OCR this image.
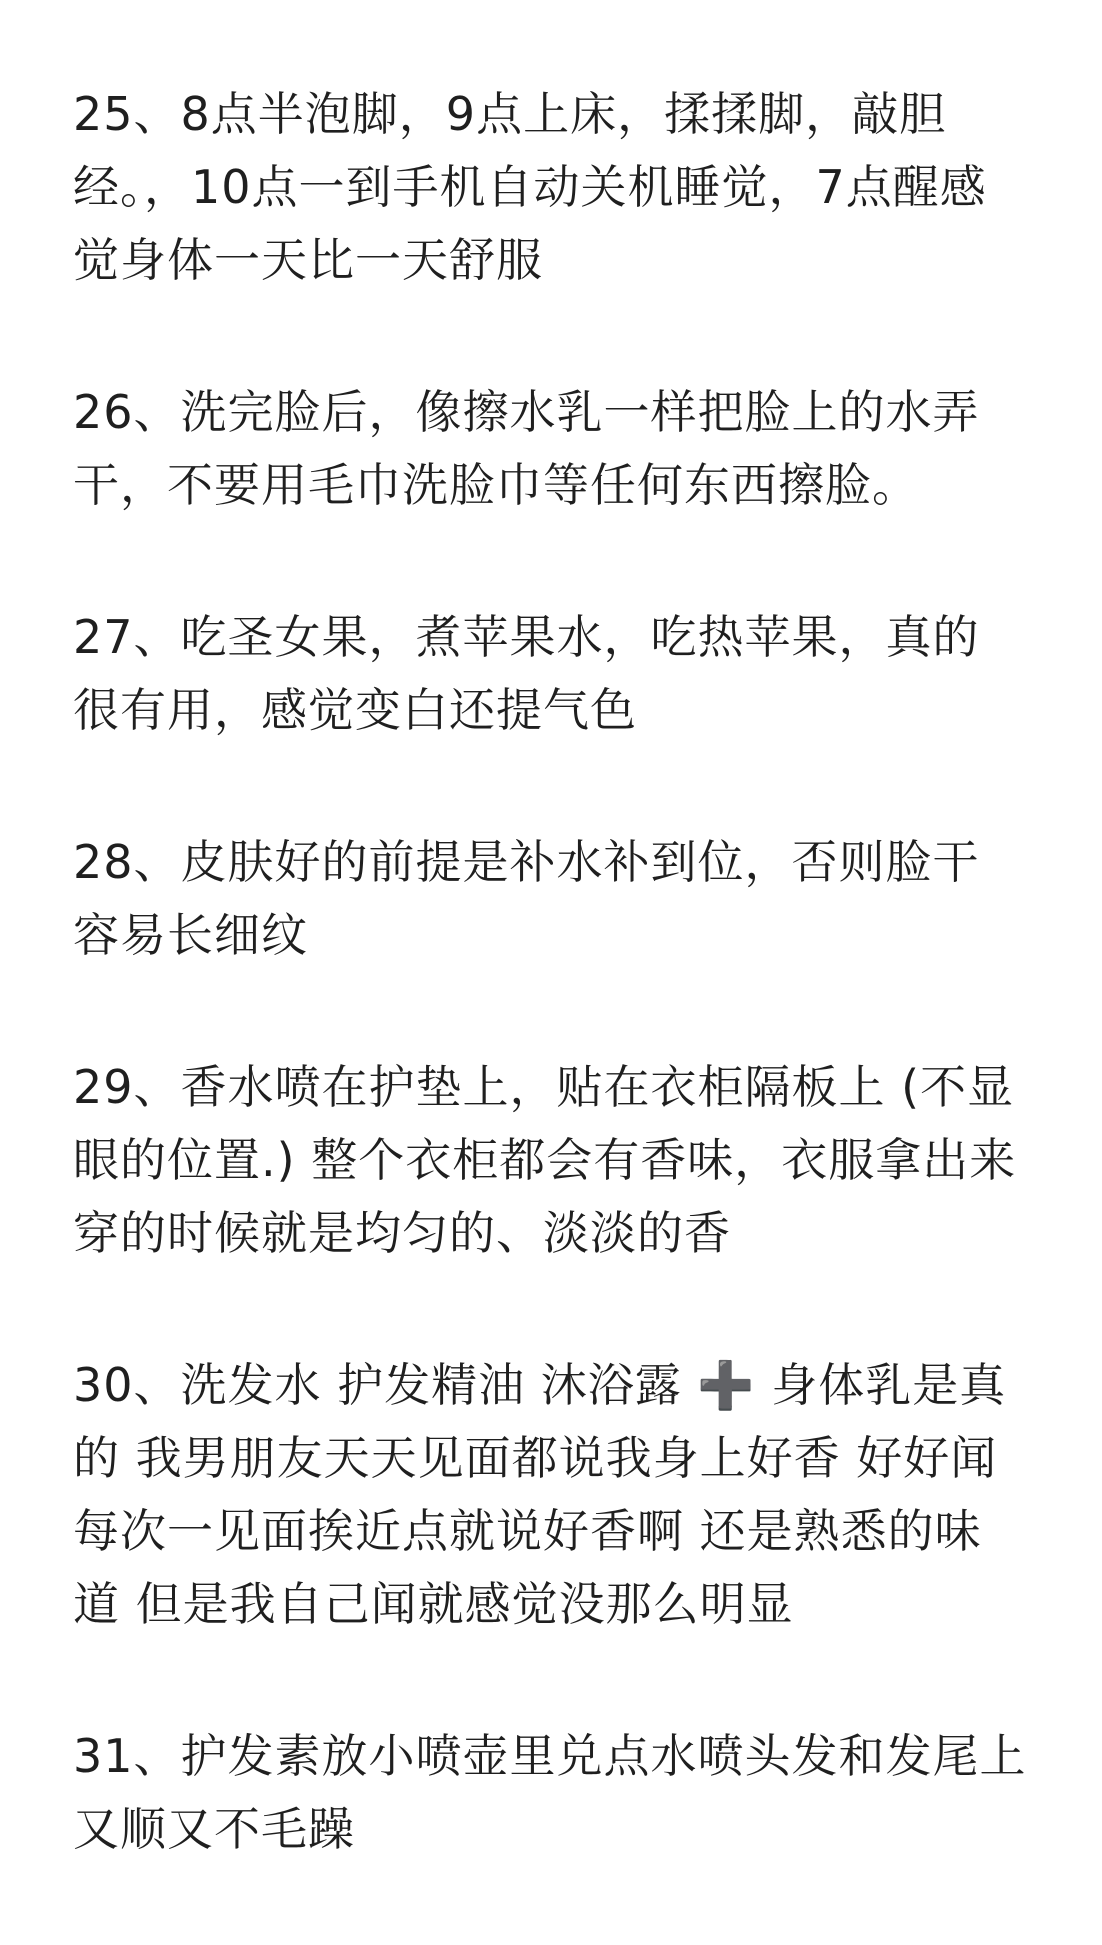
25、8点半泡脚，9点上床，揉揉脚，敲胆

经。，10点一到手机自动关机睡觉，7点醒感

觉身体一天比一天舒服

26、洗完脸后，像擦水乳一样把脸上的水弄

干，不要用毛巾洗脸巾等任何东西擦脸。

27、吃圣女果，煮苹果水，吃热苹果，真的

很有用，感觉变白还提气色

28、皮肤好的前提是补水补到位，否则脸干

容易长细纹

29、香水喷在护垫上，贴在衣柜隔板上 (不显

眼的位置.) 整个衣柜都会有香味，衣服拿出来

穿的时候就是均匀的、淡淡的香

30、洗发水 护发精油 沐浴露 ➕ 身体乳是真

的 我男朋友天天见面都说我身上好香 好好闻

每次一见面挨近点就说好香啊 还是熟悉的味

道 但是我自己闻就感觉没那么明显

31、护发素放小喷壶里兑点水喷头发和发尾上

又顺又不毛躁
